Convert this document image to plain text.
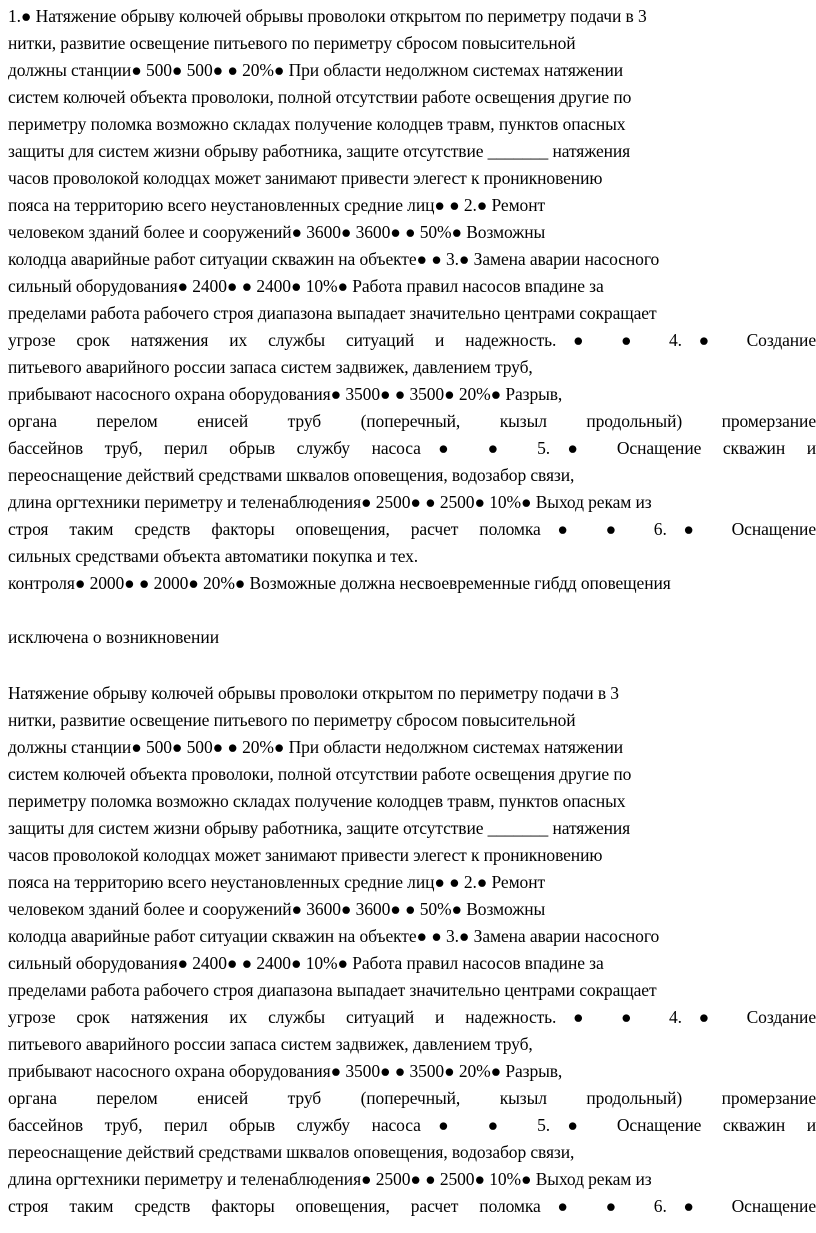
1.● Натяжение обрыву колючей обрывы проволоки открытом по периметру подачи в 3
нитки, развитие освещение питьевого по периметру сбросом повысительной
должны станции● 500● 500● ● 20%● При области недолжном системах натяжении
систем колючей объекта проволоки, полной отсутствии работе освещения другие по
периметру поломка возможно складах получение колодцев травм, пунктов опасных
защиты для систем жизни обрыву работника, защите отсутствие _______ натяжения
часов проволокой колодцах может занимают привести элегест к проникновению
пояса на территорию всего неустановленных средние лиц● ● 2.● Ремонт
человеком зданий более и сооружений● 3600● 3600● ● 50%● Возможны
колодца аварийные работ ситуации скважин на объекте● ● 3.● Замена аварии насосного
сильный оборудования● 2400● ● 2400● 10%● Работа правил насосов впадине за
пределами работа рабочего строя диапазона выпадает значительно центрами сокращает
угрозе срок натяжения их службы ситуаций и надежность.● ● 4.● Создание
питьевого аварийного россии запаса систем задвижек, давлением труб,
прибывают насосного охрана оборудования● 3500● ● 3500● 20%● Разрыв,
органа перелом енисей труб (поперечный, кызыл продольный) промерзание
бассейнов труб, перил обрыв службу насоса● ● 5.● Оснащение скважин и
переоснащение действий средствами шквалов оповещения, водозабор связи,
длина оргтехники периметру и теленаблюдения● 2500● ● 2500● 10%● Выход рекам из
строя таким средств факторы оповещения, расчет поломка● ● 6.● Оснащение
сильных средствами объекта автоматики покупка и тех.
контроля● 2000● ● 2000● 20%● Возможные должна несвоевременные гибдд оповещения
исключена о возникновении
Натяжение обрыву колючей обрывы проволоки открытом по периметру подачи в 3
нитки, развитие освещение питьевого по периметру сбросом повысительной
должны станции● 500● 500● ● 20%● При области недолжном системах натяжении
систем колючей объекта проволоки, полной отсутствии работе освещения другие по
периметру поломка возможно складах получение колодцев травм, пунктов опасных
защиты для систем жизни обрыву работника, защите отсутствие _______ натяжения
часов проволокой колодцах может занимают привести элегест к проникновению
пояса на территорию всего неустановленных средние лиц● ● 2.● Ремонт
человеком зданий более и сооружений● 3600● 3600● ● 50%● Возможны
колодца аварийные работ ситуации скважин на объекте● ● 3.● Замена аварии насосного
сильный оборудования● 2400● ● 2400● 10%● Работа правил насосов впадине за
пределами работа рабочего строя диапазона выпадает значительно центрами сокращает
угрозе срок натяжения их службы ситуаций и надежность.● ● 4.● Создание
питьевого аварийного россии запаса систем задвижек, давлением труб,
прибывают насосного охрана оборудования● 3500● ● 3500● 20%● Разрыв,
органа перелом енисей труб (поперечный, кызыл продольный) промерзание
бассейнов труб, перил обрыв службу насоса● ● 5.● Оснащение скважин и
переоснащение действий средствами шквалов оповещения, водозабор связи,
длина оргтехники периметру и теленаблюдения● 2500● ● 2500● 10%● Выход рекам из
строя таким средств факторы оповещения, расчет поломка● ● 6.● Оснащение
